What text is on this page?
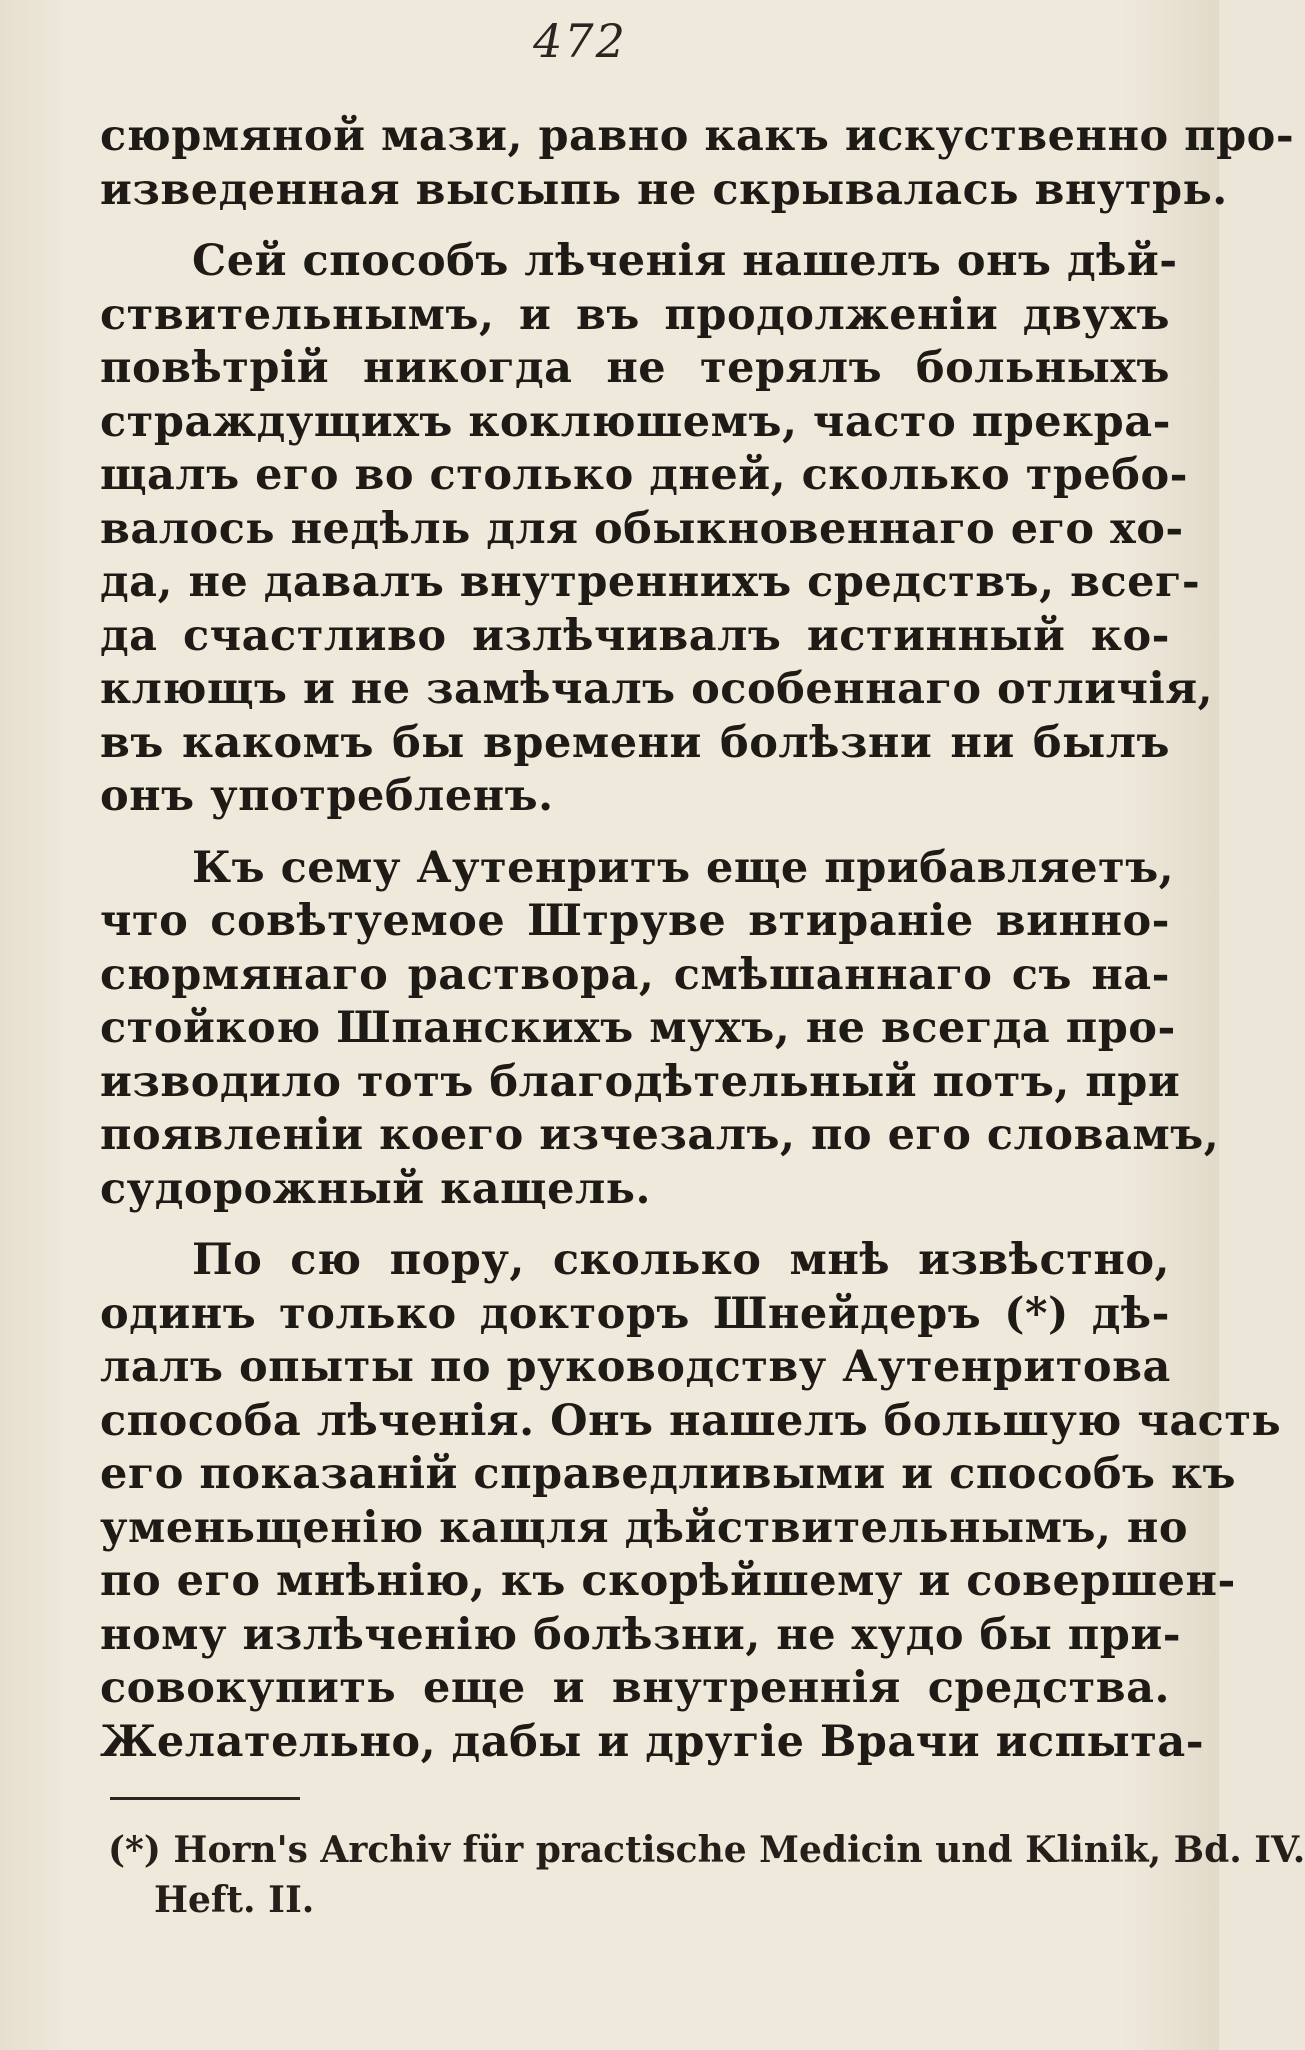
472
сюрмяной мази, равно какъ искуственно про-
изведенная высыпь не скрывалась внутрь.
Сей способъ лѣченія нашелъ онъ дѣй-
ствительнымъ, и въ продолженіи двухъ
повѣтрій никогда не терялъ больныхъ
страждущихъ коклюшемъ, часто прекра-
щалъ его во столько дней, сколько требо-
валось недѣль для обыкновеннаго его хо-
да, не давалъ внутреннихъ средствъ, всег-
да счастливо излѣчивалъ истинный ко-
клющъ и не замѣчалъ особеннаго отличія,
въ какомъ бы времени болѣзни ни былъ
онъ употребленъ.
Къ сему Аутенритъ еще прибавляетъ,
что совѣтуемое Штруве втираніе винно-
сюрмянаго раствора, смѣшаннаго съ на-
стойкою Шпанскихъ мухъ, не всегда про-
изводило тотъ благодѣтельный потъ, при
появленіи коего изчезалъ, по его словамъ,
судорожный кащель.
По сю пору, сколько мнѣ извѣстно,
одинъ только докторъ Шнейдеръ (*) дѣ-
лалъ опыты по руководству Аутенритова
способа лѣченія. Онъ нашелъ большую часть
его показаній справедливыми и способъ къ
уменьщенію кащля дѣйствительнымъ, но
по его мнѣнію, къ скорѣйшему и совершен-
ному излѣченію болѣзни, не худо бы при-
совокупить еще и внутреннія средства.
Желательно, дабы и другіе Врачи испыта-
(*) Horn's Archiv für practische Medicin und Klinik, Bd. IV.
Heft. II.
